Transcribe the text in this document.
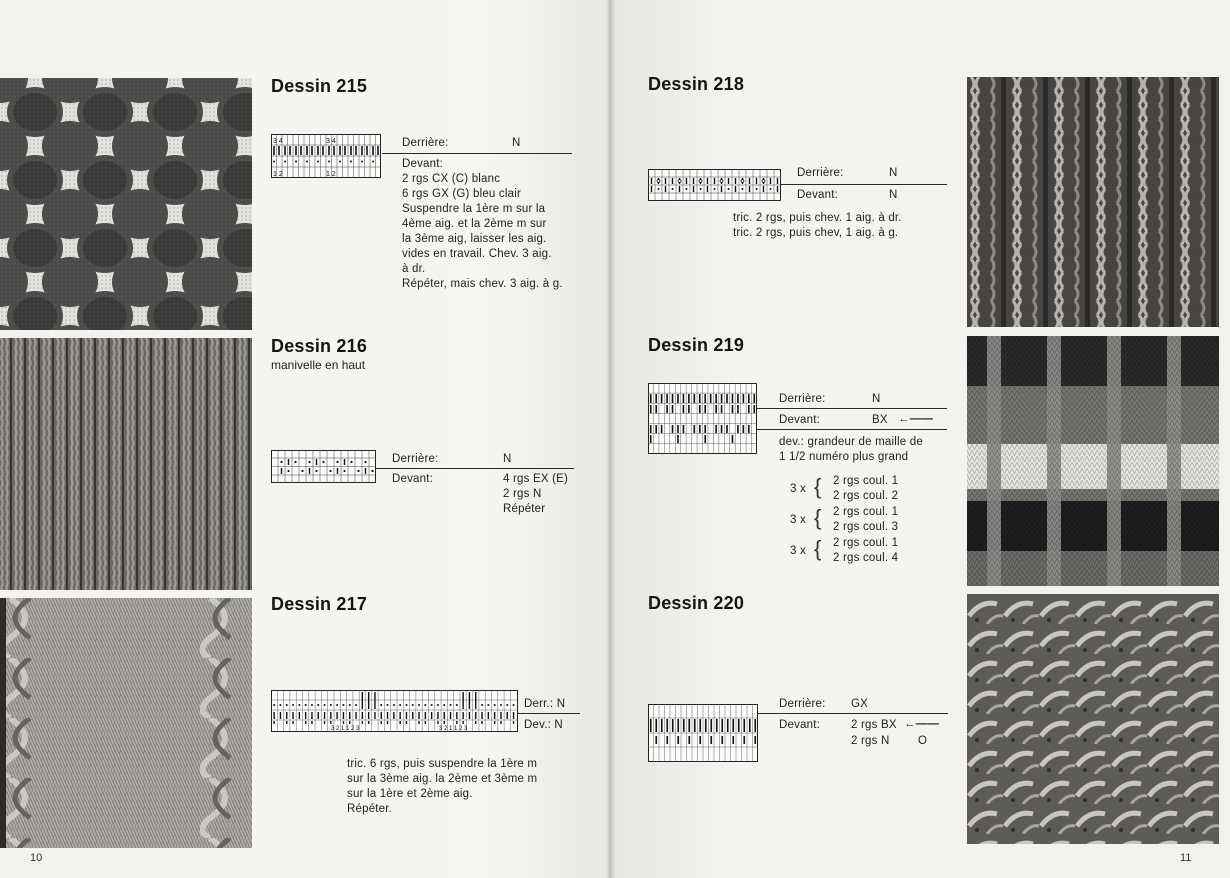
Dessin 215
3 4	3 4
1 2	1 2
Derrière:	N
Devant:
2 rgs CX (C) blanc
6 rgs GX (G) bleu clair
Suspendre la 1ère m sur la
4ème aig. et la 2ème m sur
la 3ème aig, laisser les aig.
vides en travail. Chev. 3 aig.
à dr.
Répéter, mais chev. 3 aig. à g.
Dessin 216
manivelle en haut
Derrière:	N
Devant:	4 rgs EX (E)
2 rgs N
Répéter
Dessin 217
3 2 1 1 2 3	3 2 1 1 2 3
Derr.: N
Dev.: N
tric. 6 rgs, puis suspendre la 1ère m
sur la 3ème aig. la 2ème et 3ème m
sur la 1ère et 2ème aig.
Répéter.
10
Dessin 218
Derrière:	N
Devant:	N
tric. 2 rgs, puis chev. 1 aig. à dr.
tric. 2 rgs, puis chev, 1 aig. à g.
Dessin 219
Derrière:	N
Devant:	BX ←——
dev.: grandeur de maille de
1 1/2 numéro plus grand
3 x { 2 rgs coul. 1
2 rgs coul. 2
3 x { 2 rgs coul. 1
2 rgs coul. 3
3 x { 2 rgs coul. 1
2 rgs coul. 4
Dessin 220
Derrière: GX
Devant:	2 rgs BX ←——
2 rgs N O
11
